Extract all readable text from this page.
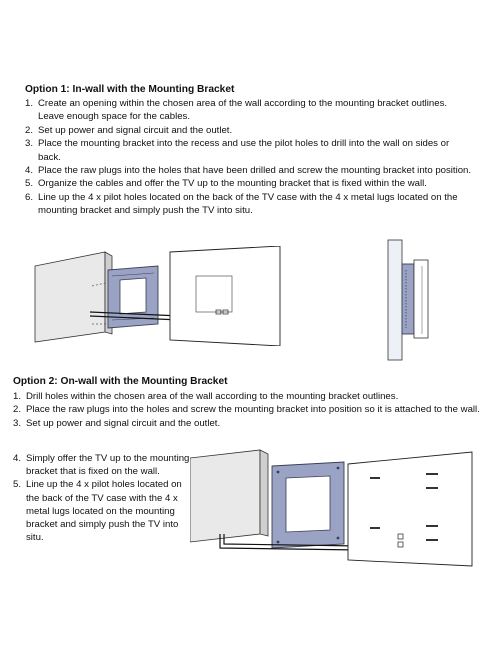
Option 1: In-wall with the Mounting Bracket

1. Create an opening within the chosen area of the wall according to the mounting bracket outlines. Leave enough space for the cables.
2. Set up power and signal circuit and the outlet.
3. Place the mounting bracket into the recess and use the pilot holes to drill into the wall on sides or back.
4. Place the raw plugs into the holes that have been drilled and screw the mounting bracket into position.
5. Organize the cables and offer the TV up to the mounting bracket that is fixed within the wall.
6. Line up the 4 x pilot holes located on the back of the TV case with the 4 x metal lugs located on the mounting bracket and simply push the TV into situ.

Option 2: On-wall with the Mounting Bracket

1. Drill holes within the chosen area of the wall according to the mounting bracket outlines.
2. Place the raw plugs into the holes and screw the mounting bracket into position so it is attached to the wall.
3. Set up power and signal circuit and the outlet.
4. Simply offer the TV up to the mounting bracket that is fixed on the wall.
5. Line up the 4 x pilot holes located on the back of the TV case with the 4 x metal lugs located on the mounting bracket and simply push the TV into situ.
